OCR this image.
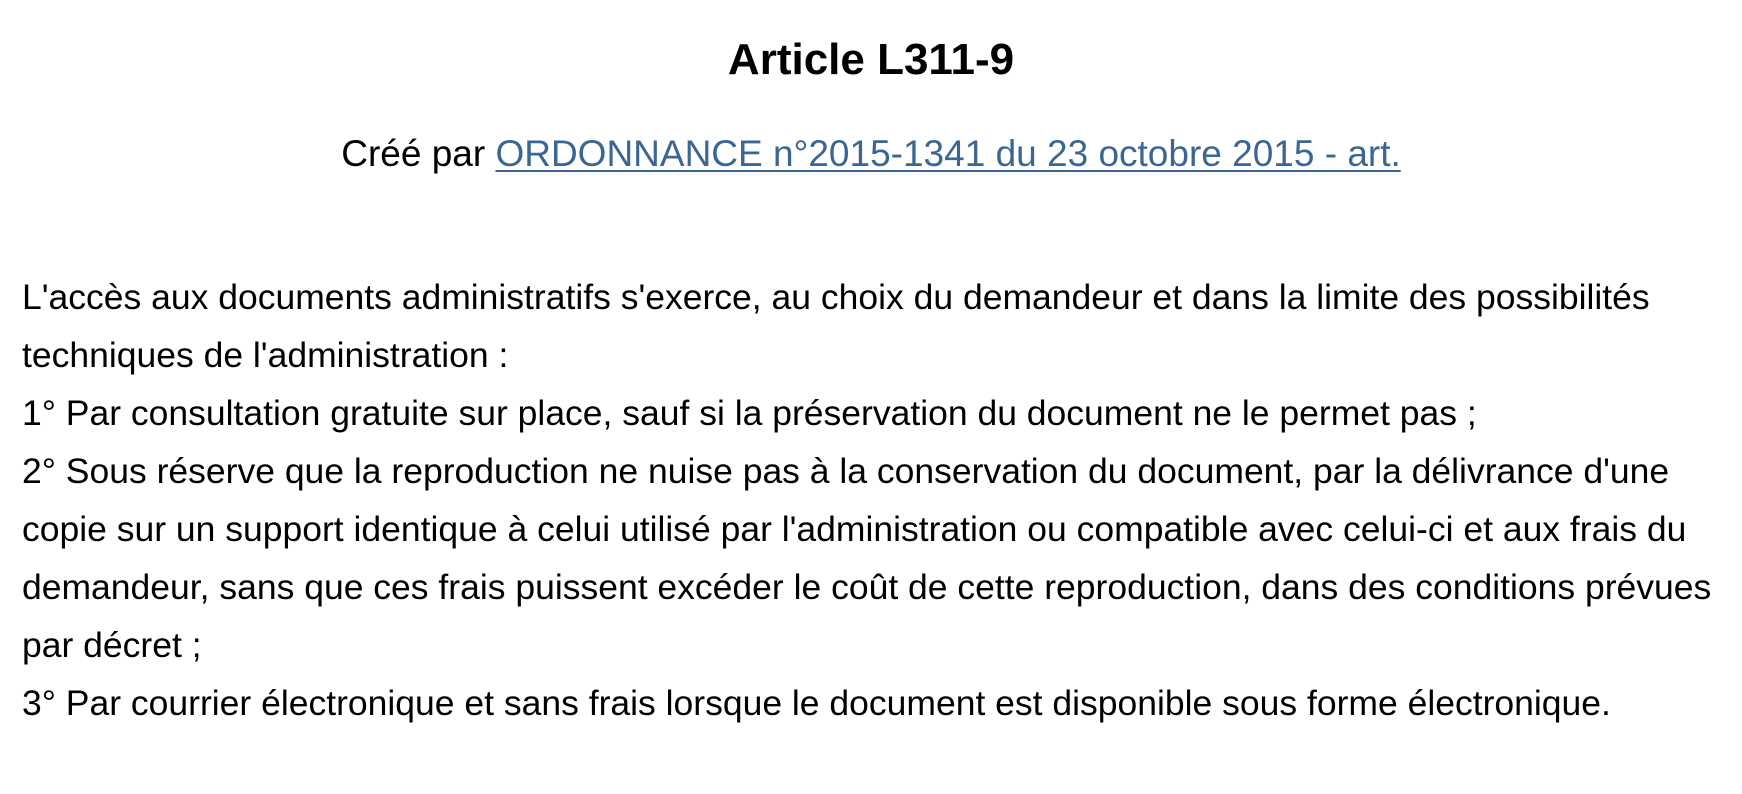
Article L311-9

Créé par ORDONNANCE n°2015-1341 du 23 octobre 2015 - art.

L'accès aux documents administratifs s'exerce, au choix du demandeur et dans la limite des possibilités techniques de l'administration :

1° Par consultation gratuite sur place, sauf si la préservation du document ne le permet pas ;

2° Sous réserve que la reproduction ne nuise pas à la conservation du document, par la délivrance d'une copie sur un support identique à celui utilisé par l'administration ou compatible avec celui-ci et aux frais du demandeur, sans que ces frais puissent excéder le coût de cette reproduction, dans des conditions prévues par décret ;

3° Par courrier électronique et sans frais lorsque le document est disponible sous forme électronique.
